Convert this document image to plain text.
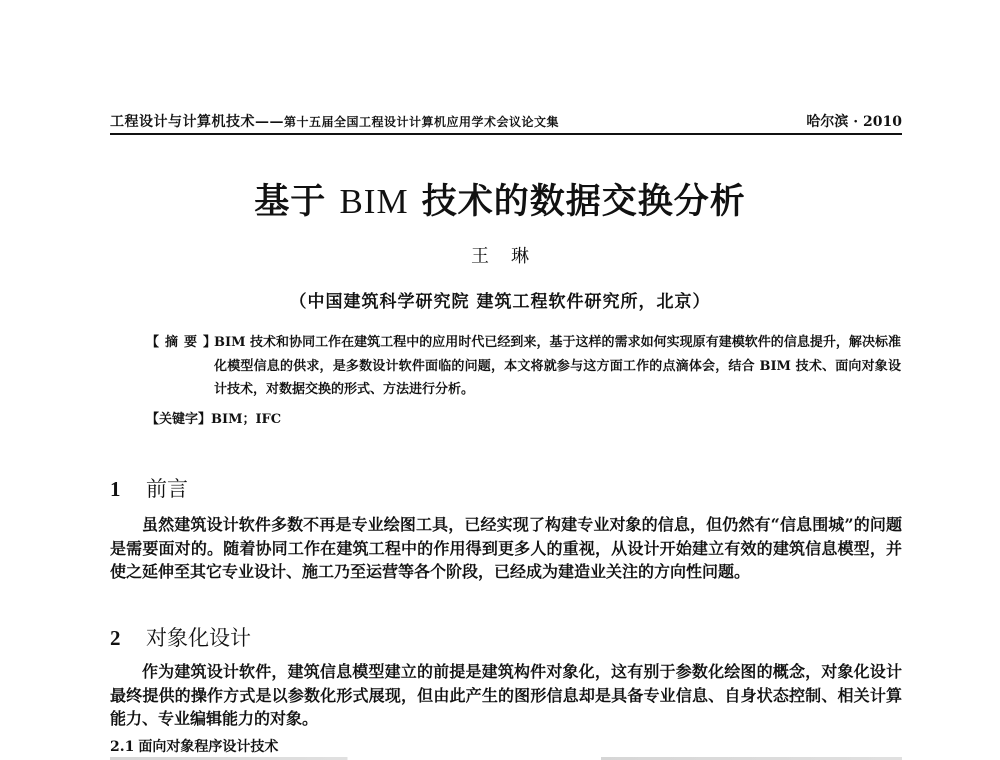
工程设计与计算机技术——第十五届全国工程设计计算机应用学术会议论文集	哈尔滨 · 2010
基于 BIM 技术的数据交换分析
王琳
（中国建筑科学研究院 建筑工程软件研究所，北京）
【摘要】
BIM 技术和协同工作在建筑工程中的应用时代已经到来，基于这样的需求如何实现原有建模软件的信息提升，解决标准化模型信息的供求，是多数设计软件面临的问题，本文将就参与这方面工作的点滴体会，结合 BIM 技术、面向对象设计技术，对数据交换的形式、方法进行分析。
【关键字】BIM；IFC
1 前言
虽然建筑设计软件多数不再是专业绘图工具，已经实现了构建专业对象的信息，但仍然有“信息围城”的问题是需要面对的。随着协同工作在建筑工程中的作用得到更多人的重视，从设计开始建立有效的建筑信息模型，并使之延伸至其它专业设计、施工乃至运营等各个阶段，已经成为建造业关注的方向性问题。
2 对象化设计
作为建筑设计软件，建筑信息模型建立的前提是建筑构件对象化，这有别于参数化绘图的概念，对象化设计最终提供的操作方式是以参数化形式展现，但由此产生的图形信息却是具备专业信息、自身状态控制、相关计算能力、专业编辑能力的对象。
2.1 面向对象程序设计技术
